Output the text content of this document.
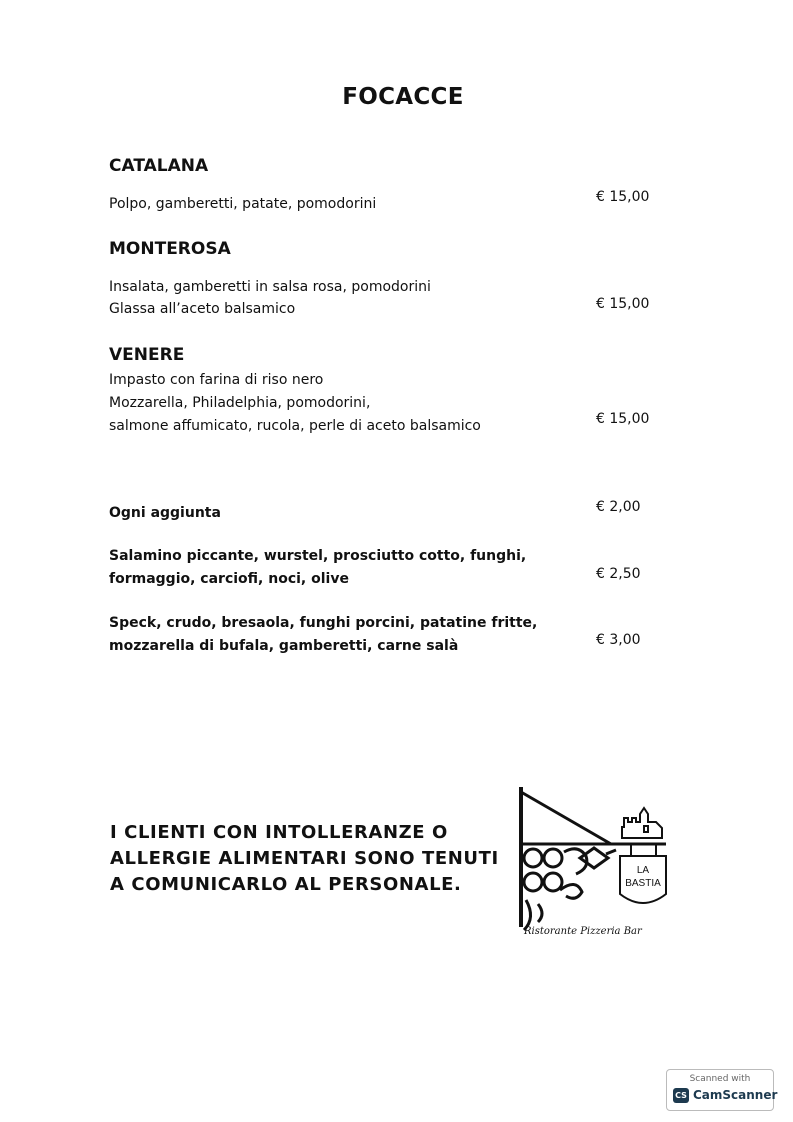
FOCACCE
CATALANA
Polpo, gamberetti, patate, pomodorini	€ 15,00
MONTEROSA
Insalata, gamberetti in salsa rosa, pomodorini
Glassa all’aceto balsamico	€ 15,00
VENERE
Impasto con farina di riso nero
Mozzarella, Philadelphia, pomodorini,
salmone affumicato, rucola, perle di aceto balsamico	€ 15,00
Ogni aggiunta	€ 2,00
Salamino piccante, wurstel, prosciutto cotto, funghi,
formaggio, carciofi, noci, olive	€ 2,50
Speck, crudo, bresaola, funghi porcini, patatine fritte,
mozzarella di bufala, gamberetti, carne salà	€ 3,00
I CLIENTI CON INTOLLERANZE O
ALLERGIE ALIMENTARI SONO TENUTI
A COMUNICARLO AL PERSONALE.
LA
BASTIA
Ristorante Pizzeria Bar
Scanned with
CS CamScanner
